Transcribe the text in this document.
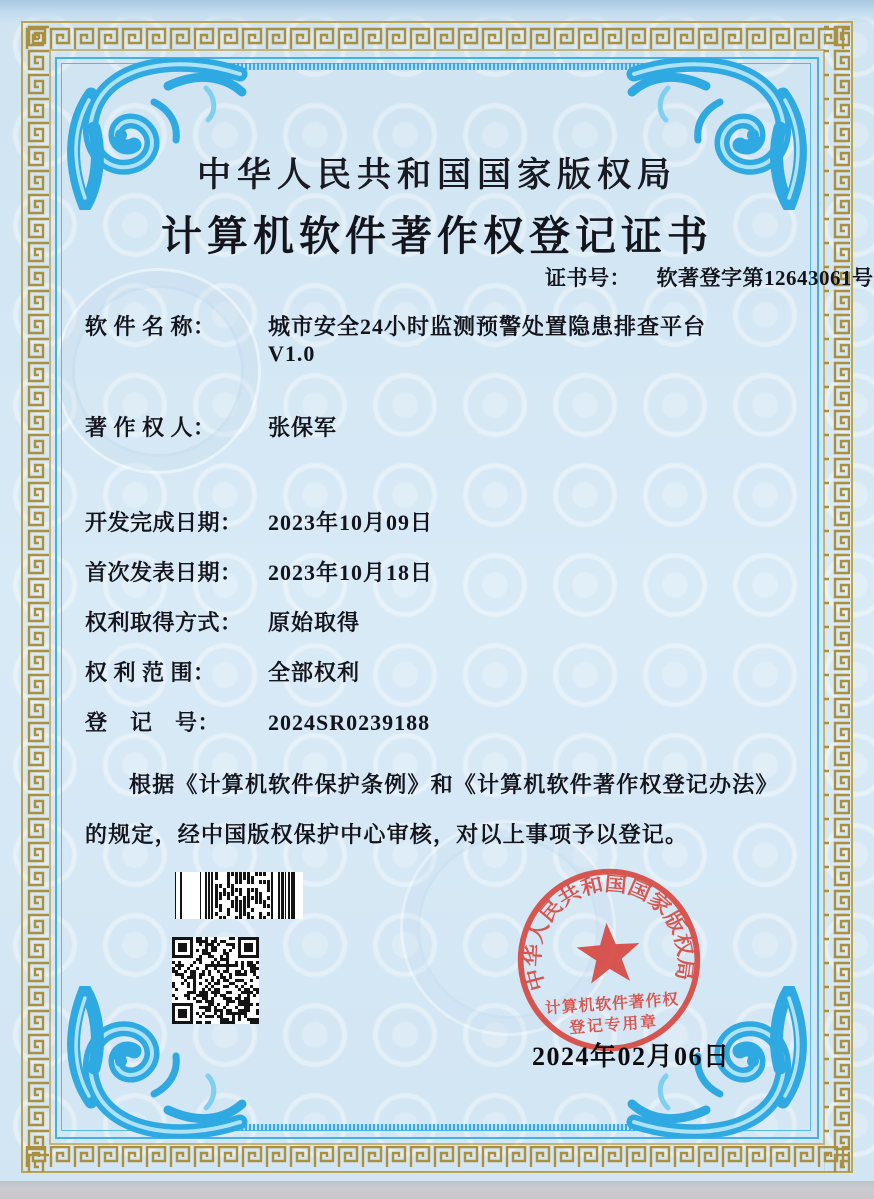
中华人民共和国国家版权局
计算机软件著作权登记证书
证书号： 软著登字第12643061号
软 件 名 称： 城市安全24小时监测预警处置隐患排查平台
V1.0
著 作 权 人： 张保军
开发完成日期： 2023年10月09日
首次发表日期： 2023年10月18日
权利取得方式： 原始取得
权 利 范 围： 全部权利
登　记　号： 2024SR0239188
根据《计算机软件保护条例》和《计算机软件著作权登记办法》的规定，经中国版权保护中心审核，对以上事项予以登记。
中华人民共和国国家版权局
计算机软件著作权
登记专用章
2024年02月06日
